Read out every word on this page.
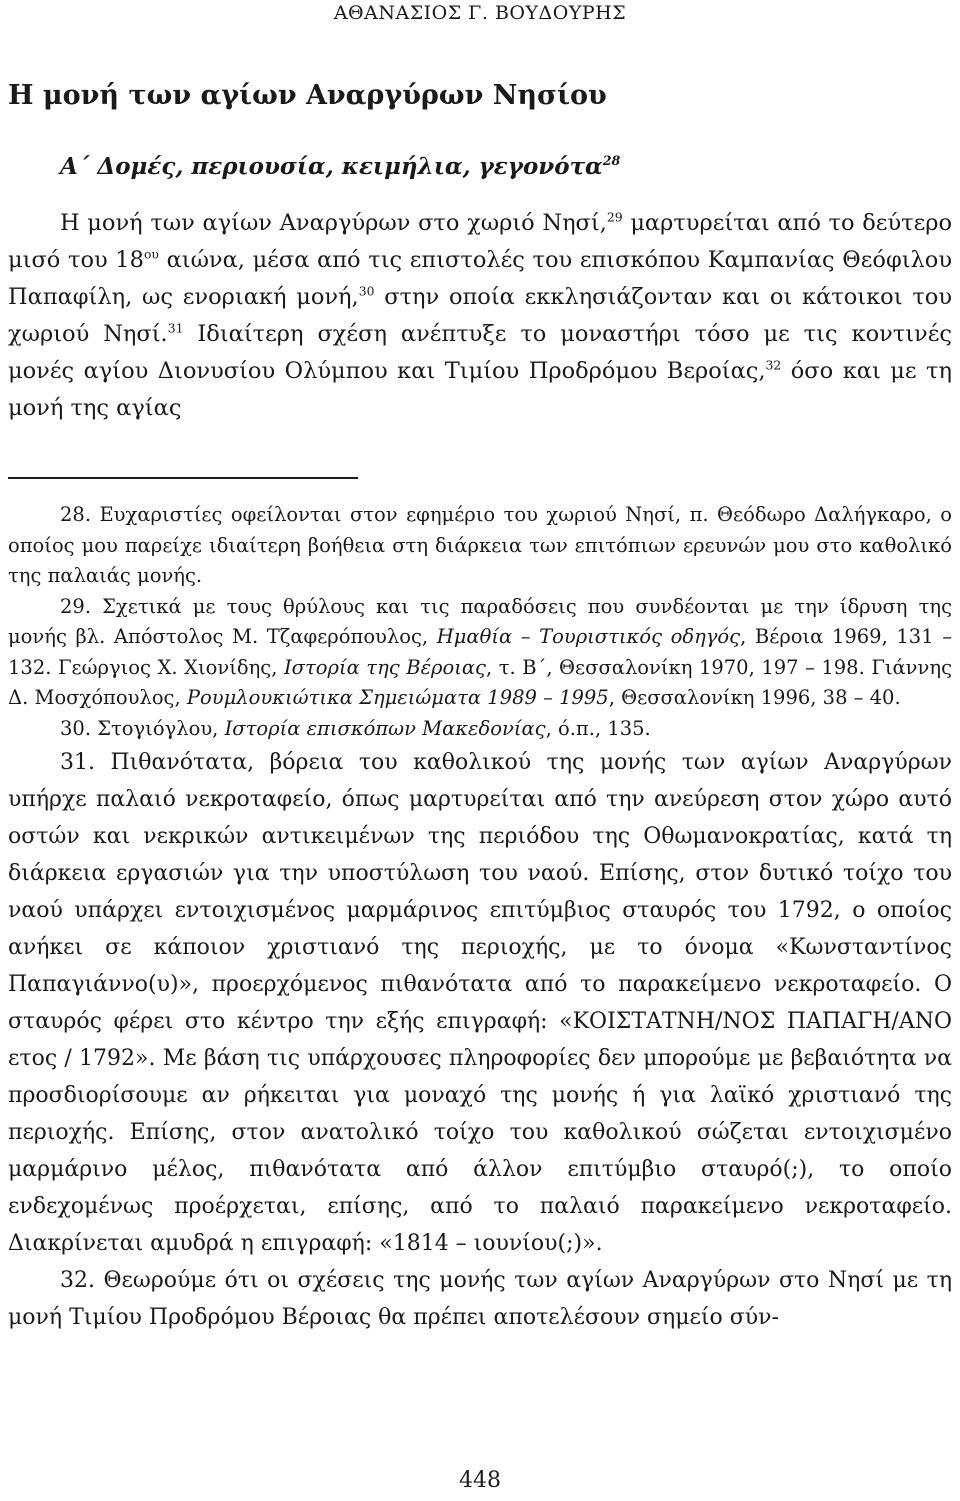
ΑΘΑΝΑΣΙΟΣ Γ. ΒΟΥΔΟΥΡΗΣ
Η μονή των αγίων Αναργύρων Νησίου
Α΄ Δομές, περιουσία, κειμήλια, γεγονότα$^{28}$

Η μονή των αγίων Αναργύρων στο χωριό Νησί,$^{29}$ μαρτυρείται από το δεύτερο μισό του $18^{o\upsilon}$ αιώνα, μέσα από τις επιστολές του επισκόπου Καμπανίας Θεόφιλου Παπαφίλη, ως ενοριακή μονή,$^{30}$ στην οποία εκκλησιάζονταν και οι κάτοικοι του χωριού Νησί.$^{31}$ Ιδιαίτερη σχέση ανέπτυξε το μοναστήρι τόσο με τις κοντινές μονές αγίου Διονυσίου Ολύμπου και Τιμίου Προδρόμου Βεροίας,$^{32}$ όσο και με τη μονή της αγίας

28. Ευχαριστίες οφείλονται στον εφημέριο του χωριού Νησί, π. Θεόδωρο Δαλήγκαρο, ο οποίος μου παρείχε ιδιαίτερη βοήθεια στη διάρκεια των επιτόπιων ερευνών μου στο καθολικό της παλαιάς μονής.

29. Σχετικά με τους θρύλους και τις παραδόσεις που συνδέονται με την ίδρυση της μονής βλ. Απόστολος Μ. Τζαφερόπουλος, Ημαθία – Τουριστικός οδηγός, Βέροια 1969, 131 – 132. Γεώργιος Χ. Χιονίδης, Ιστορία της Βέροιας, τ. Β΄, Θεσσαλονίκη 1970, 197 – 198. Γιάννης Δ. Μοσχόπουλος, Ρουμλουκιώτικα Σημειώματα 1989 – 1995, Θεσσαλονίκη 1996, 38 – 40.

30. Στογιόγλου, Ιστορία επισκόπων Μακεδονίας, ό.π., 135.

31. Πιθανότατα, βόρεια του καθολικού της μονής των αγίων Αναργύρων υπήρχε παλαιό νεκροταφείο, όπως μαρτυρείται από την ανεύρεση στον χώρο αυτό οστών και νεκρικών αντικειμένων της περιόδου της Οθωμανοκρατίας, κατά τη διάρκεια εργασιών για την υποστύλωση του ναού. Επίσης, στον δυτικό τοίχο του ναού υπάρχει εντοιχισμένος μαρμάρινος επιτύμβιος σταυρός του 1792, ο οποίος ανήκει σε κάποιον χριστιανό της περιοχής, με το όνομα «Κωνσταντίνος Παπαγιάννο(υ)», προερχόμενος πιθανότατα από το παρακείμενο νεκροταφείο. Ο σταυρός φέρει στο κέντρο την εξής επιγραφή: «ΚΟΙΣΤΑΤΝΗ/ΝΟΣ ΠΑΠΑΓΗ/ΑΝΟ ετος / 1792». Με βάση τις υπάρχουσες πληροφορίες δεν μπορούμε με βεβαιότητα να προσδιορίσουμε αν ρήκειται για μοναχό της μονής ή για λαϊκό χριστιανό της περιοχής. Επίσης, στον ανατολικό τοίχο του καθολικού σώζεται εντοιχισμένο μαρμάρινο μέλος, πιθανότατα από άλλον επιτύμβιο σταυρό(;), το οποίο ενδεχομένως προέρχεται, επίσης, από το παλαιό παρακείμενο νεκροταφείο. Διακρίνεται αμυδρά η επιγραφή: «1814 – ιουνίου(;)».

32. Θεωρούμε ότι οι σχέσεις της μονής των αγίων Αναργύρων στο Νησί με τη μονή Τιμίου Προδρόμου Βέροιας θα πρέπει αποτελέσουν σημείο σύν-

448
